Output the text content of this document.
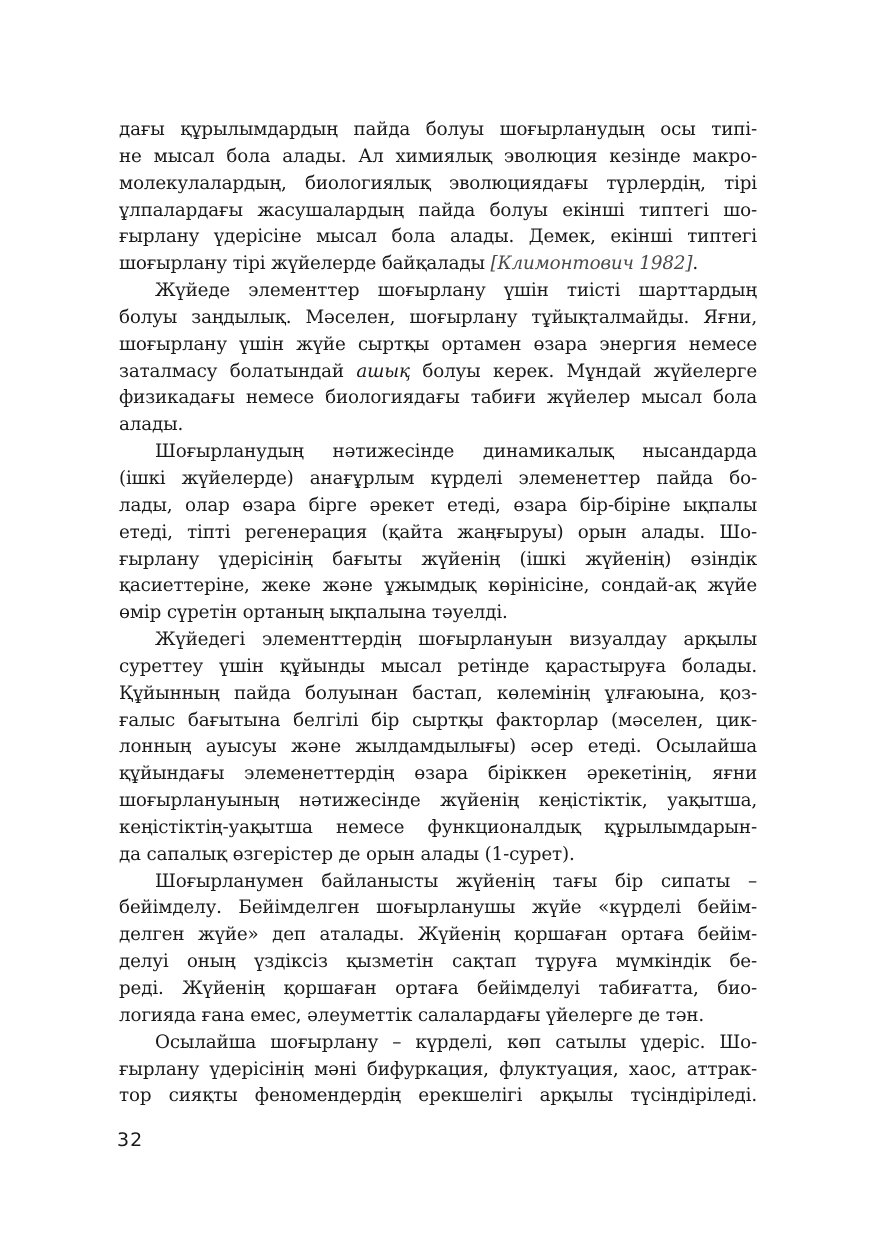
дағы құрылымдардың пайда болуы шоғырланудың осы типі-
не мысал бола алады. Ал химиялық эволюция кезінде макро-
молекулалардың, биологиялық эволюциядағы түрлердің, тірі
ұлпалардағы жасушалардың пайда болуы екінші типтегі шо-
ғырлану үдерісіне мысал бола алады. Демек, екінші типтегі
шоғырлану тірі жүйелерде байқалады [Климонтович 1982].
Жүйеде элементтер шоғырлану үшін тиісті шарттардың
болуы заңдылық. Мәселен, шоғырлану тұйықталмайды. Яғни,
шоғырлану үшін жүйе сыртқы ортамен өзара энергия немесе
заталмасу болатындай ашық болуы керек. Мұндай жүйелерге
физикадағы немесе биологиядағы табиғи жүйелер мысал бола
алады.
Шоғырланудың нәтижесінде динамикалық нысандарда
(ішкі жүйелерде) анағұрлым күрделі элеменеттер пайда бо-
лады, олар өзара бірге әрекет етеді, өзара бір-біріне ықпалы
етеді, тіпті регенерация (қайта жаңғыруы) орын алады. Шо-
ғырлану үдерісінің бағыты жүйенің (ішкі жүйенің) өзіндік
қасиеттеріне, жеке және ұжымдық көрінісіне, сондай-ақ жүйе
өмір сүретін ортаның ықпалына тәуелді.
Жүйедегі элементтердің шоғырлануын визуалдау арқылы
суреттеу үшін құйынды мысал ретінде қарастыруға болады.
Құйынның пайда болуынан бастап, көлемінің ұлғаюына, қоз-
ғалыс бағытына белгілі бір сыртқы факторлар (мәселен, цик-
лонның ауысуы және жылдамдылығы) әсер етеді. Осылайша
құйындағы элеменеттердің өзара біріккен әрекетінің, яғни
шоғырлануының нәтижесінде жүйенің кеңістіктік, уақытша,
кеңістіктің-уақытша немесе функционалдық құрылымдарын-
да сапалық өзгерістер де орын алады (1-сурет).
Шоғырланумен байланысты жүйенің тағы бір сипаты –
бейімделу. Бейімделген шоғырланушы жүйе «күрделі бейім-
делген жүйе» деп аталады. Жүйенің қоршаған ортаға бейім-
делуі оның үздіксіз қызметін сақтап тұруға мүмкіндік бе-
реді. Жүйенің қоршаған ортаға бейімделуі табиғатта, био-
логияда ғана емес, әлеуметтік салалардағы үйелерге де тән.
Осылайша шоғырлану – күрделі, көп сатылы үдеріс. Шо-
ғырлану үдерісінің мәні бифуркация, флуктуация, хаос, аттрак-
тор сияқты феномендердің ерекшелігі арқылы түсіндіріледі.
32
